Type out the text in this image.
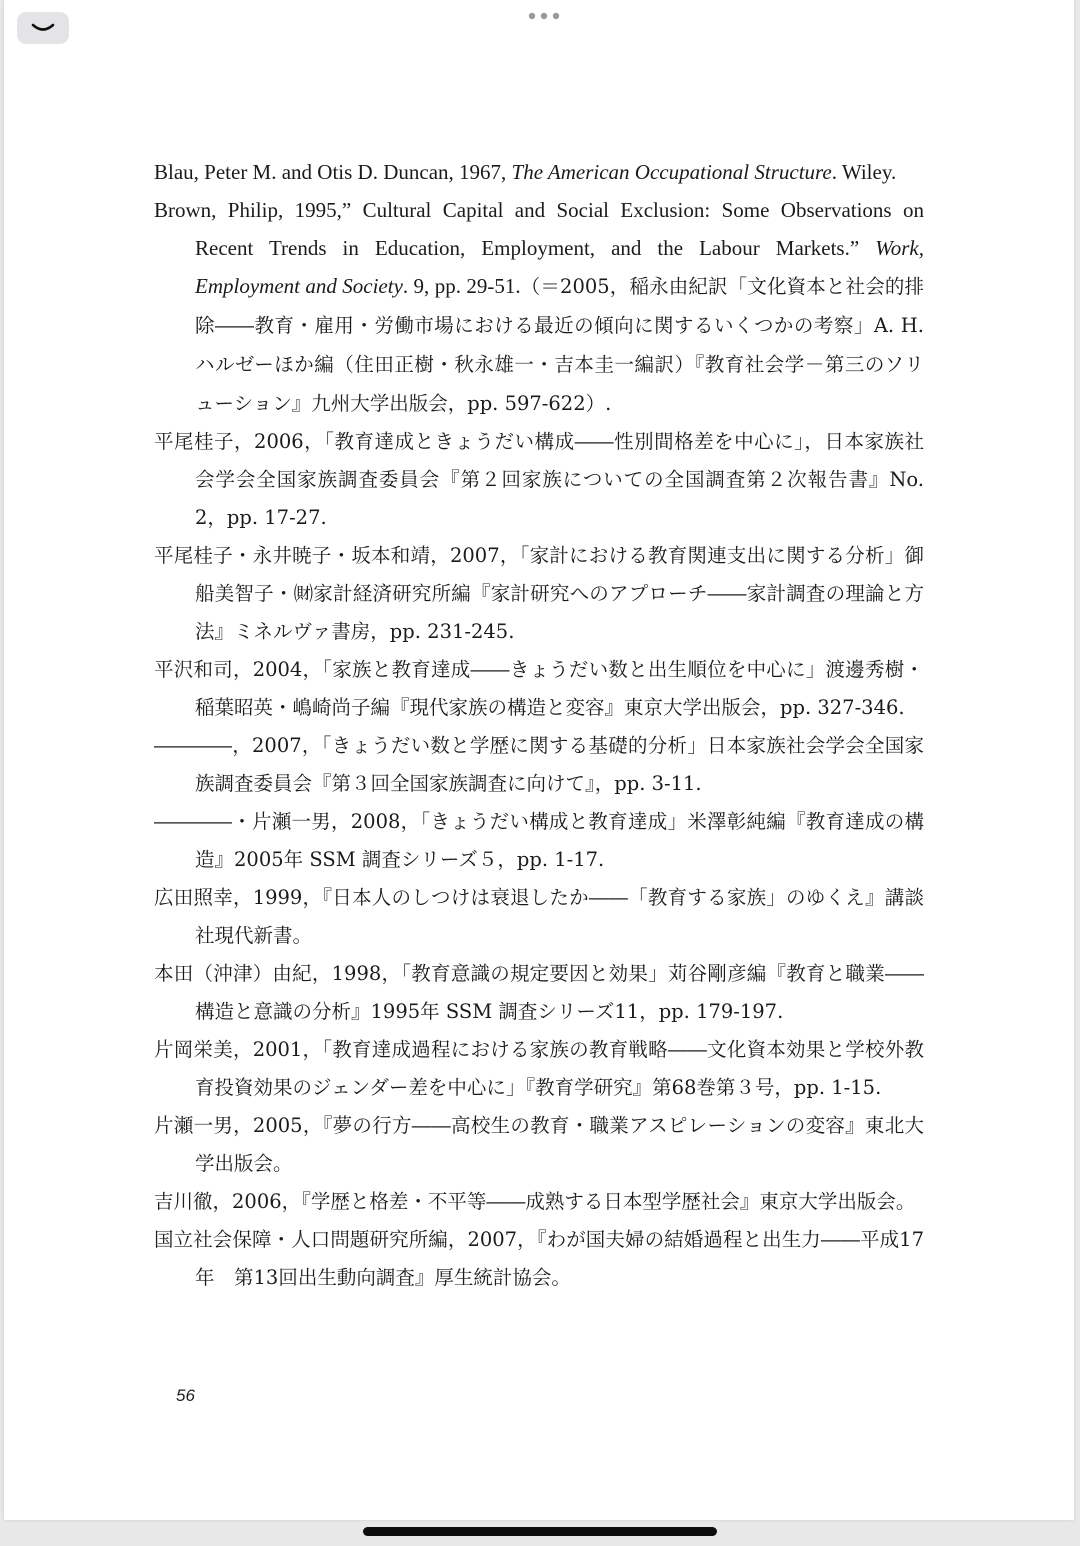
Blau, Peter M. and Otis D. Duncan, 1967, The American Occupational Structure. Wiley.
Brown, Philip, 1995,” Cultural Capital and Social Exclusion: Some Observations on Recent Trends in Education, Employment, and the Labour Markets.” Work, Employment and Society. 9, pp. 29-51.（＝2005，稲永由紀訳「文化資本と社会的排除――教育・雇用・労働市場における最近の傾向に関するいくつかの考察」A. H. ハルゼーほか編（住田正樹・秋永雄一・吉本圭一編訳）『教育社会学－第三のソリューション』九州大学出版会，pp. 597-622）.
平尾桂子，2006，「教育達成ときょうだい構成――性別間格差を中心に」，日本家族社会学会全国家族調査委員会『第２回家族についての全国調査第２次報告書』No. 2，pp. 17-27.
平尾桂子・永井暁子・坂本和靖，2007，「家計における教育関連支出に関する分析」御船美智子・㈶家計経済研究所編『家計研究へのアプローチ――家計調査の理論と方法』ミネルヴァ書房，pp. 231-245.
平沢和司，2004，「家族と教育達成――きょうだい数と出生順位を中心に」渡邊秀樹・稲葉昭英・嶋崎尚子編『現代家族の構造と変容』東京大学出版会，pp. 327-346.
――――，2007，「きょうだい数と学歴に関する基礎的分析」日本家族社会学会全国家族調査委員会『第３回全国家族調査に向けて』，pp. 3-11.
――――・片瀬一男，2008，「きょうだい構成と教育達成」米澤彰純編『教育達成の構造』2005年 SSM 調査シリーズ５，pp. 1-17.
広田照幸，1999，『日本人のしつけは衰退したか――「教育する家族」のゆくえ』講談社現代新書。
本田（沖津）由紀，1998，「教育意識の規定要因と効果」苅谷剛彦編『教育と職業――構造と意識の分析』1995年 SSM 調査シリーズ11，pp. 179-197.
片岡栄美，2001，「教育達成過程における家族の教育戦略――文化資本効果と学校外教育投資効果のジェンダー差を中心に」『教育学研究』第68巻第３号，pp. 1-15.
片瀬一男，2005，『夢の行方――高校生の教育・職業アスピレーションの変容』東北大学出版会。
吉川徹，2006，『学歴と格差・不平等――成熟する日本型学歴社会』東京大学出版会。
国立社会保障・人口問題研究所編，2007，『わが国夫婦の結婚過程と出生力――平成17年　第13回出生動向調査』厚生統計協会。
56
